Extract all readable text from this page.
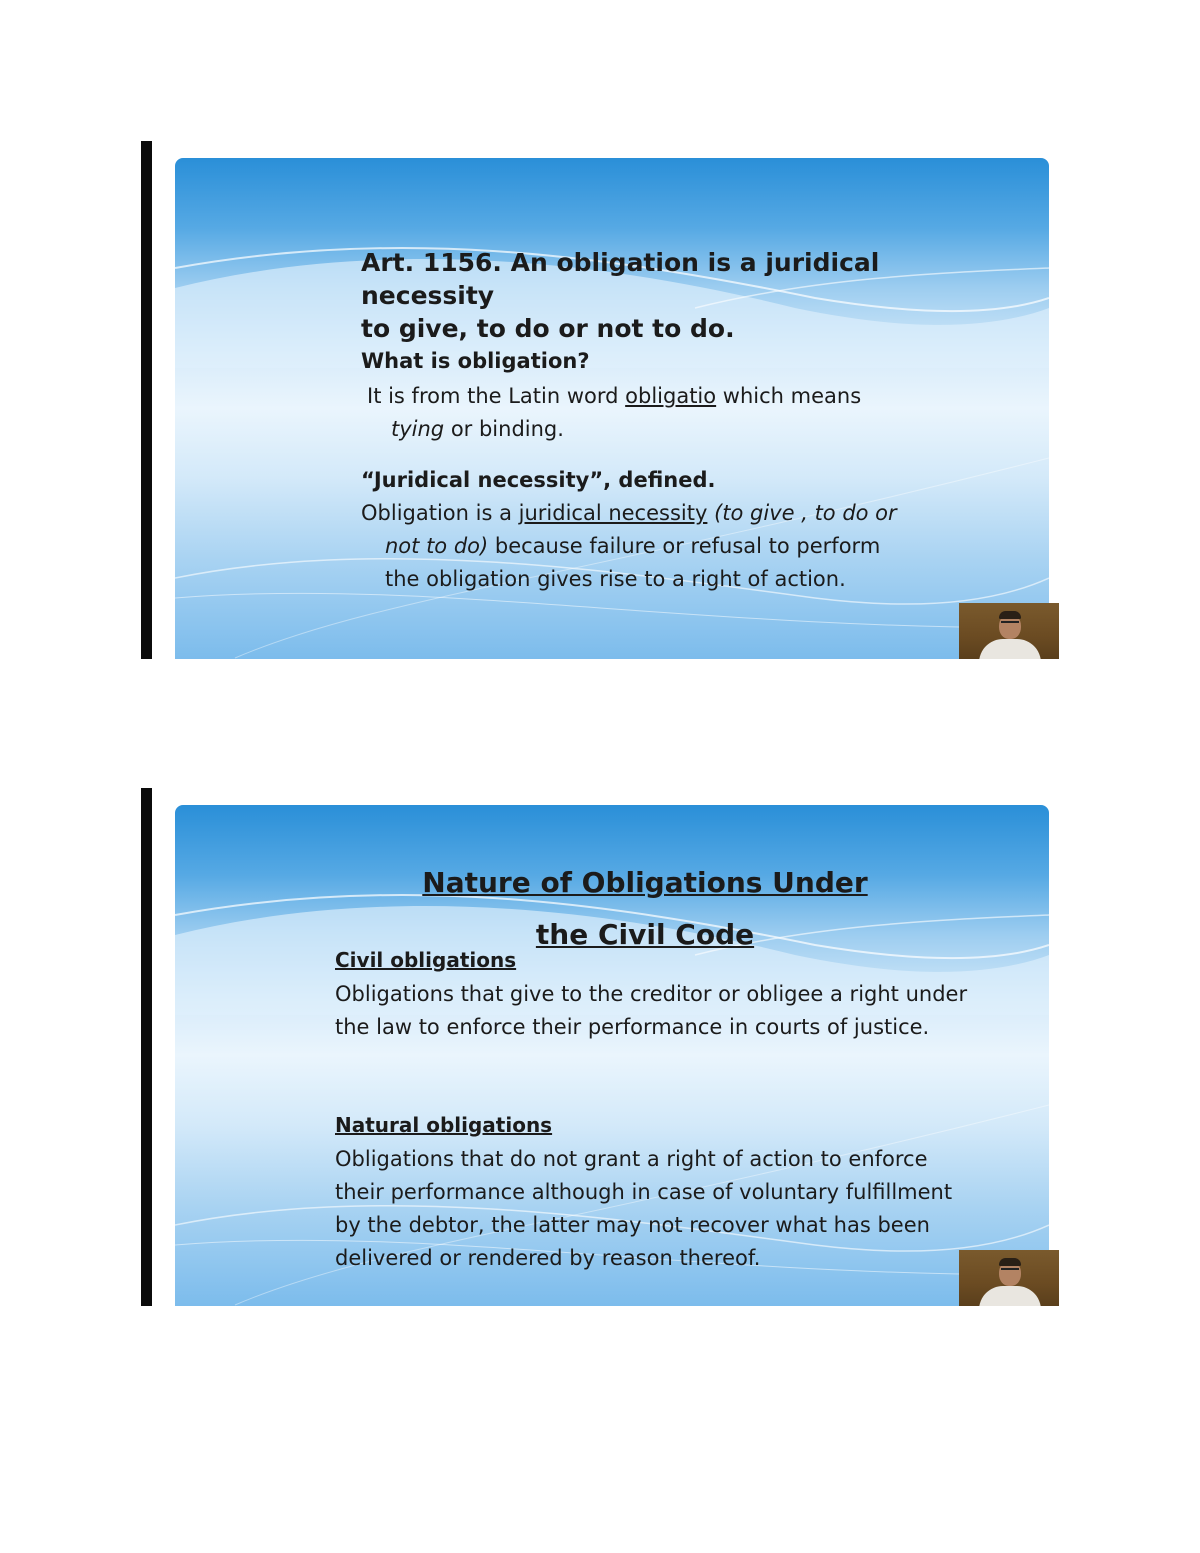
Art. 1156. An obligation is a juridical necessity
to give, to do or not to do.
What is obligation?
It is from the Latin word obligatio which means
tying or binding.
“Juridical necessity”, defined.
Obligation is a juridical necessity (to give , to do or
not to do) because failure or refusal to perform
the obligation gives rise to a right of action.
Nature of Obligations Under
the Civil Code
Civil obligations
Obligations that give to the creditor or obligee a right under the law to enforce their performance in courts of justice.
Natural obligations
Obligations that do not grant a right of action to enforce their performance although in case of voluntary fulfillment by the debtor, the latter may not recover what has been delivered or rendered by reason thereof.
